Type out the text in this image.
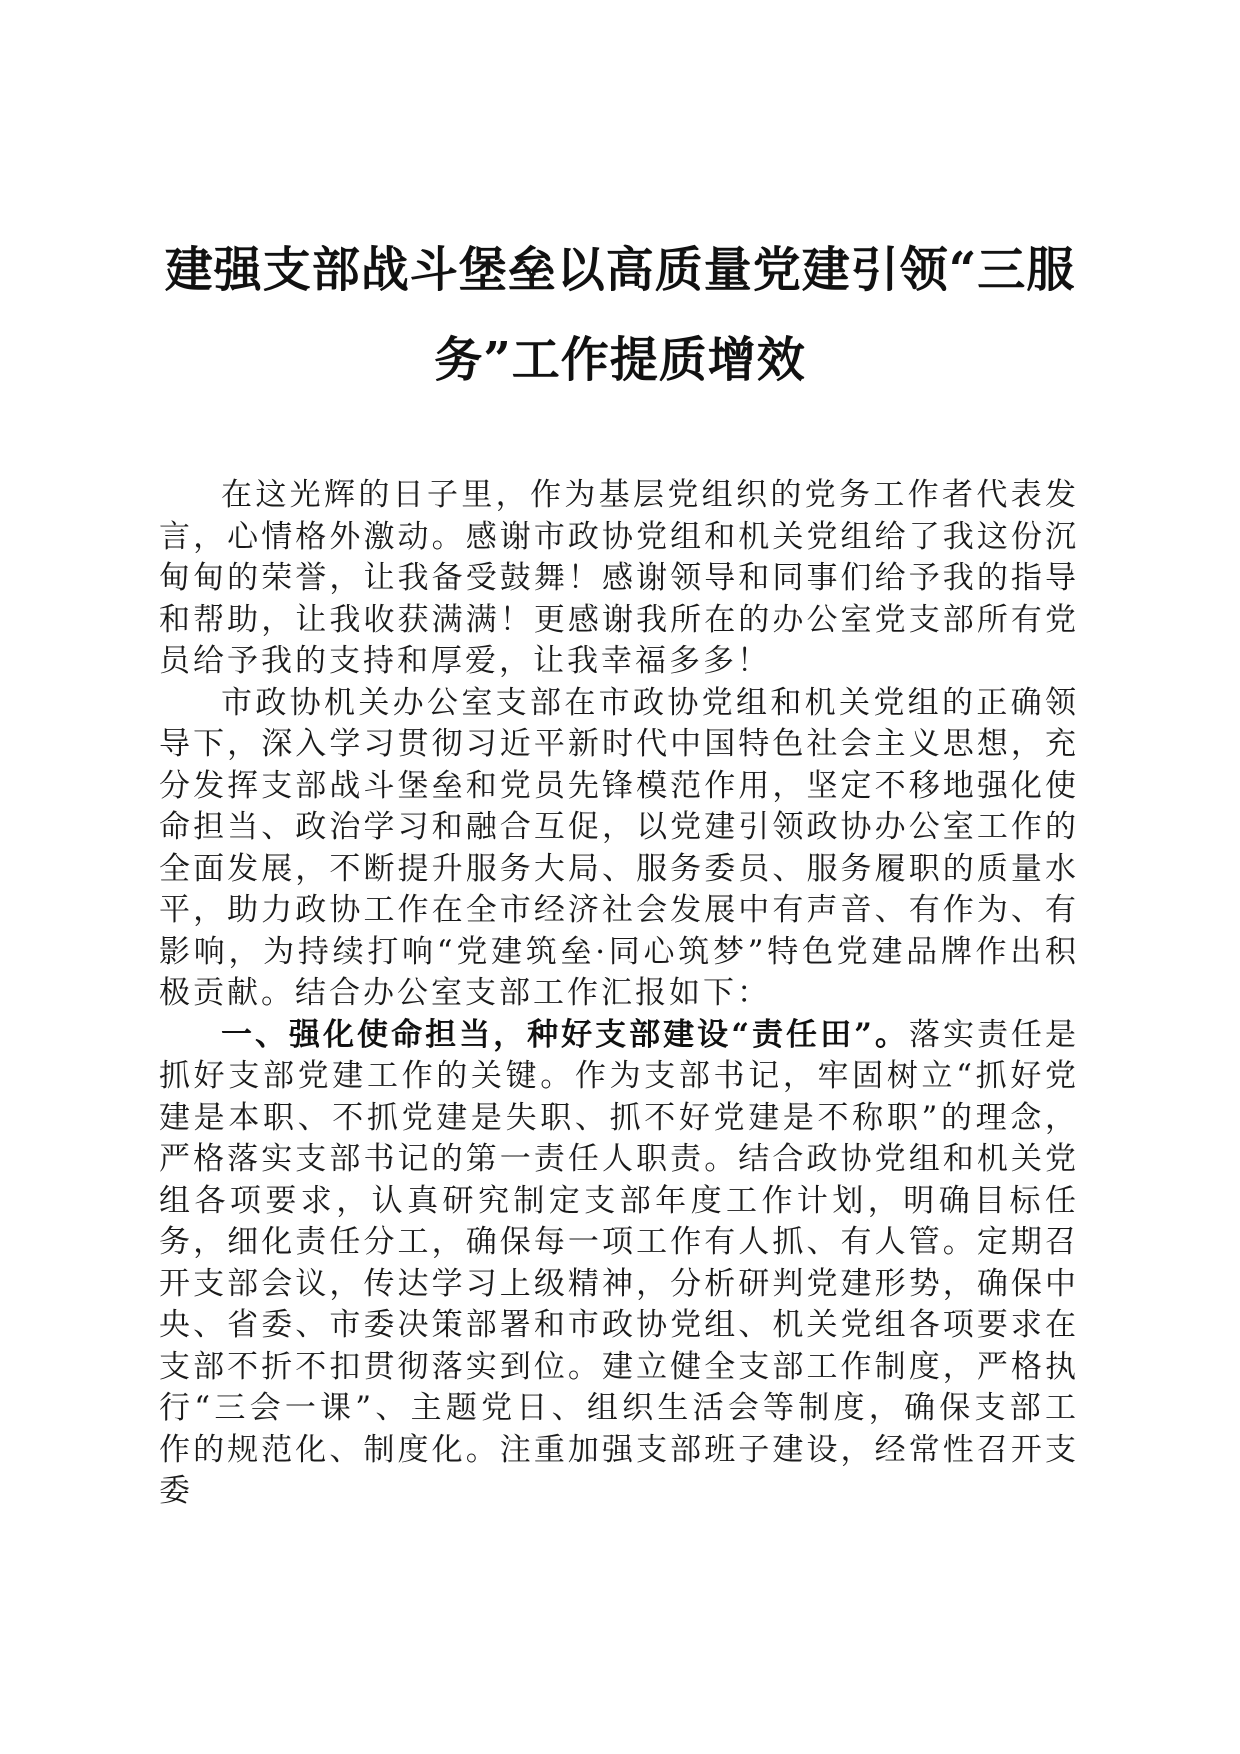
建强支部战斗堡垒以高质量党建引领“三服
务”工作提质增效

在这光辉的日子里，作为基层党组织的党务工作者代表发言，心情格外激动。感谢市政协党组和机关党组给了我这份沉甸甸的荣誉，让我备受鼓舞！感谢领导和同事们给予我的指导和帮助，让我收获满满！更感谢我所在的办公室党支部所有党员给予我的支持和厚爱，让我幸福多多！

市政协机关办公室支部在市政协党组和机关党组的正确领导下，深入学习贯彻习近平新时代中国特色社会主义思想，充分发挥支部战斗堡垒和党员先锋模范作用，坚定不移地强化使命担当、政治学习和融合互促，以党建引领政协办公室工作的全面发展，不断提升服务大局、服务委员、服务履职的质量水平，助力政协工作在全市经济社会发展中有声音、有作为、有影响，为持续打响“党建筑垒·同心筑梦”特色党建品牌作出积极贡献。结合办公室支部工作汇报如下：

一、强化使命担当，种好支部建设“责任田”。落实责任是抓好支部党建工作的关键。作为支部书记，牢固树立“抓好党建是本职、不抓党建是失职、抓不好党建是不称职”的理念，严格落实支部书记的第一责任人职责。结合政协党组和机关党组各项要求，认真研究制定支部年度工作计划，明确目标任务，细化责任分工，确保每一项工作有人抓、有人管。定期召开支部会议，传达学习上级精神，分析研判党建形势，确保中央、省委、市委决策部署和市政协党组、机关党组各项要求在支部不折不扣贯彻落实到位。建立健全支部工作制度，严格执行“三会一课”、主题党日、组织生活会等制度，确保支部工作的规范化、制度化。注重加强支部班子建设，经常性召开支委
